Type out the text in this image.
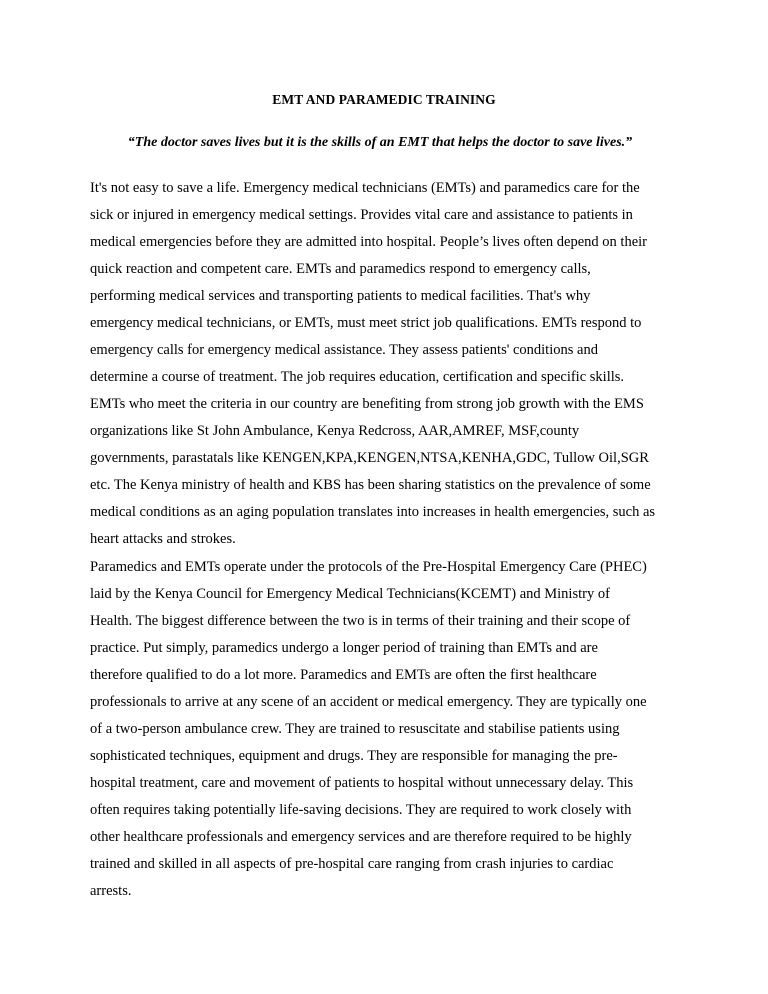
EMT AND PARAMEDIC TRAINING
“The doctor saves lives but it is the skills of an EMT that helps the doctor to save lives.”
It's not easy to save a life. Emergency medical technicians (EMTs) and paramedics care for the
sick or injured in emergency medical settings. Provides vital care and assistance to patients in
medical emergencies before they are admitted into hospital. People’s lives often depend on their
quick reaction and competent care. EMTs and paramedics respond to emergency calls,
performing medical services and transporting patients to medical facilities. That's why
emergency medical technicians, or EMTs, must meet strict job qualifications. EMTs respond to
emergency calls for emergency medical assistance. They assess patients' conditions and
determine a course of treatment. The job requires education, certification and specific skills.
EMTs who meet the criteria in our country are benefiting from strong job growth with the EMS
organizations like St John Ambulance, Kenya Redcross, AAR,AMREF, MSF,county
governments, parastatals like KENGEN,KPA,KENGEN,NTSA,KENHA,GDC, Tullow Oil,SGR
etc. The Kenya ministry of health and KBS has been sharing statistics on the prevalence of some
medical conditions as an aging population translates into increases in health emergencies, such as
heart attacks and strokes.
Paramedics and EMTs operate under the protocols of the Pre-Hospital Emergency Care (PHEC)
laid by the Kenya Council for Emergency Medical Technicians(KCEMT) and Ministry of
Health. The biggest difference between the two is in terms of their training and their scope of
practice. Put simply, paramedics undergo a longer period of training than EMTs and are
therefore qualified to do a lot more. Paramedics and EMTs are often the first healthcare
professionals to arrive at any scene of an accident or medical emergency. They are typically one
of a two-person ambulance crew. They are trained to resuscitate and stabilise patients using
sophisticated techniques, equipment and drugs. They are responsible for managing the pre-
hospital treatment, care and movement of patients to hospital without unnecessary delay. This
often requires taking potentially life-saving decisions. They are required to work closely with
other healthcare professionals and emergency services and are therefore required to be highly
trained and skilled in all aspects of pre-hospital care ranging from crash injuries to cardiac
arrests.
